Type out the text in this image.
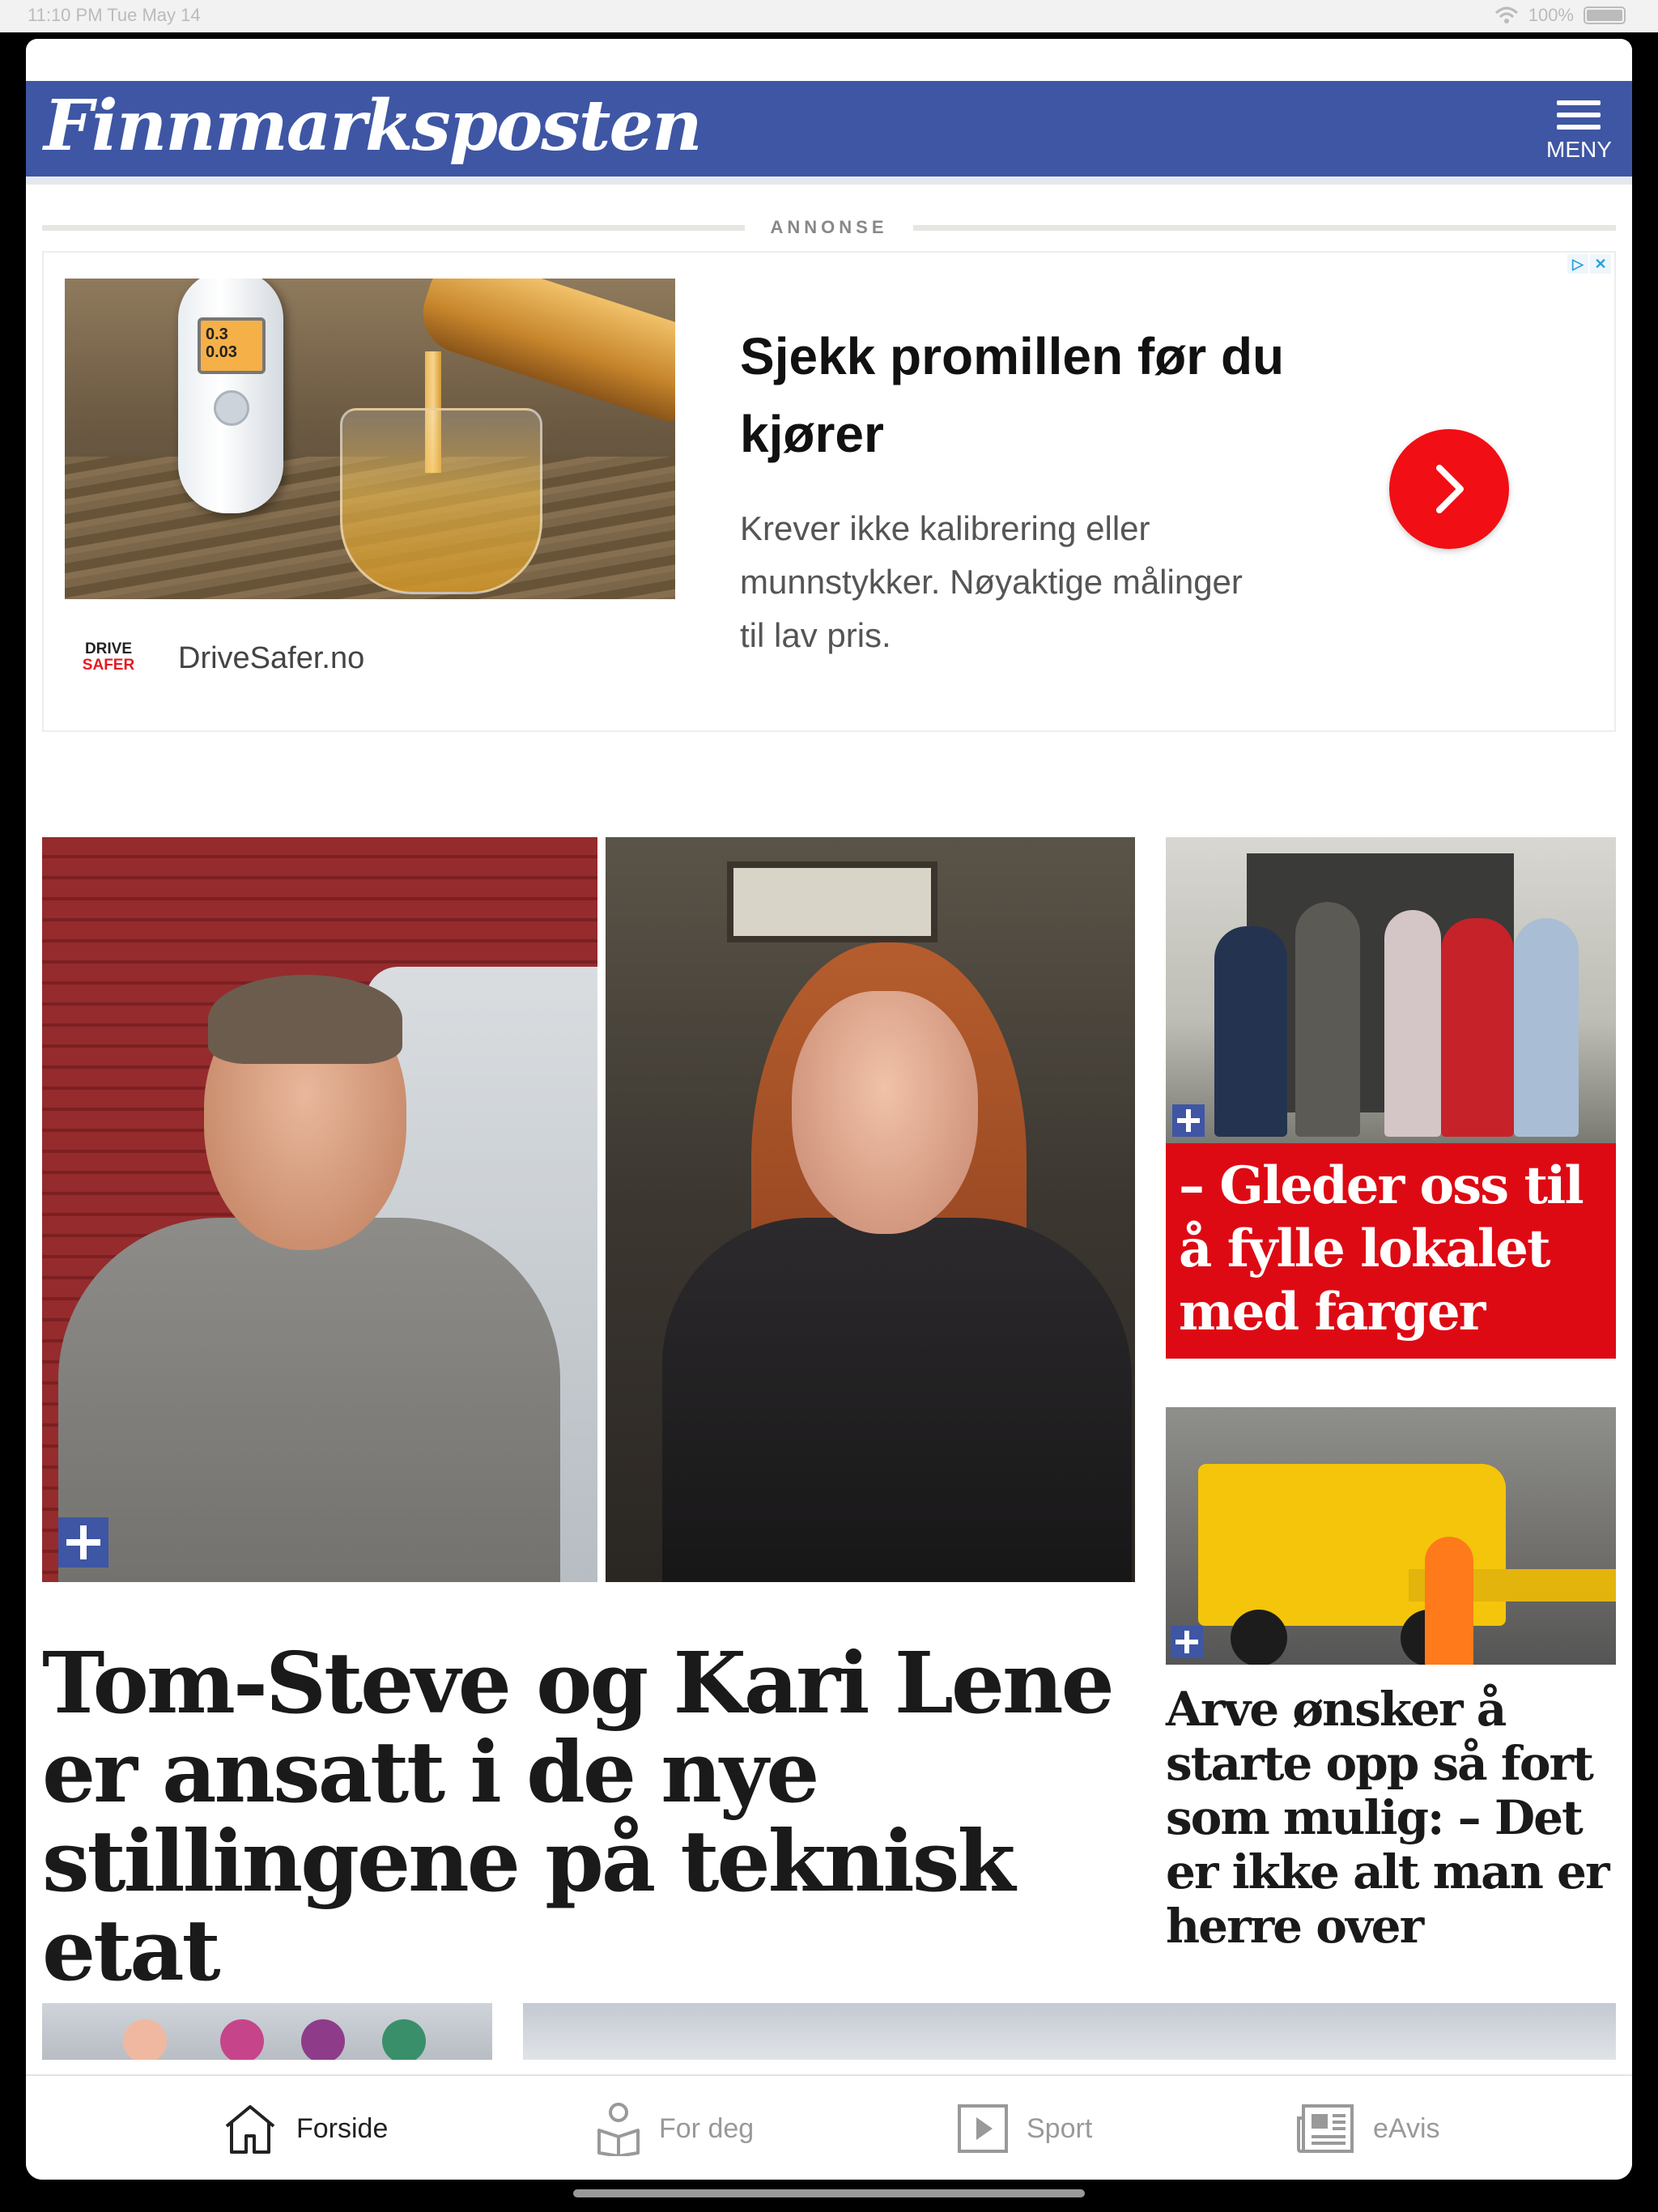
11:10 PM Tue May 14	100%
Finnmarksposten	MENY
ANNONSE
▷ ✕
0.3
0.03
DRIVE
SAFER DriveSafer.no
Sjekk promillen før du kjører
Krever ikke kalibrering eller munnstykker. Nøyaktige målinger til lav pris.
Tom-Steve og Kari Lene er ansatt i de nye stillingene på teknisk etat
– Gleder oss til å fylle lokalet med farger
Arve ønsker å starte opp så fort som mulig: – Det er ikke alt man er herre over
Forside	For deg	Sport	eAvis
